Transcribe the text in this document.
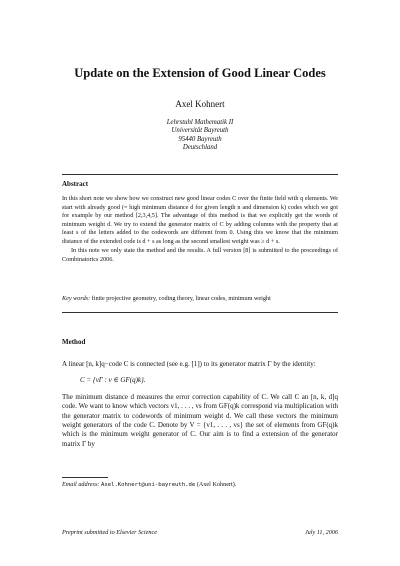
Update on the Extension of Good Linear Codes
Axel Kohnert
Lehrstuhl Mathematik II
Universität Bayreuth
95440 Bayreuth
Deutschland
Abstract

In this short note we show how we construct new good linear codes C over the finite field with q elements. We start with already good (= high minimum distance d for given length n and dimension k) codes which we got for example by our method [2,3,4,5]. The advantage of this method is that we explicitly get the words of minimum weight d. We try to extend the generator matrix of C by adding columns with the property that at least s of the letters added to the codewords are different from 0. Using this we know that the minimum distance of the extended code is d + s as long as the second smallest weight was ≥ d + s.

In this note we only state the method and the results. A full version [8] is submitted to the proceedings of Combinatorics 2006.

Key words: finite projective geometry, coding theory, linear codes, minimum weight
Method

A linear [n, k]q−code C is connected (see e.g. [1]) to its generator matrix Γ by the identity:

C = {vΓ : v ∈ GF(q)k}.

The minimum distance d measures the error correction capability of C. We call C an [n, k, d]q code. We want to know which vectors v1, . . . , vs from GF(q)k correspond via multiplication with the generator matrix to codewords of minimum weight d. We call these vectors the minimum weight generators of the code C. Denote by V = {v1, . . . , vs} the set of elements from GF(q)k which is the minimum weight generator of C. Our aim is to find a extension of the generator matrix Γ by

Email address: Axel.Kohnert@uni-bayreuth.de (Axel Kohnert).
Preprint submitted to Elsevier Science	July 11, 2006
